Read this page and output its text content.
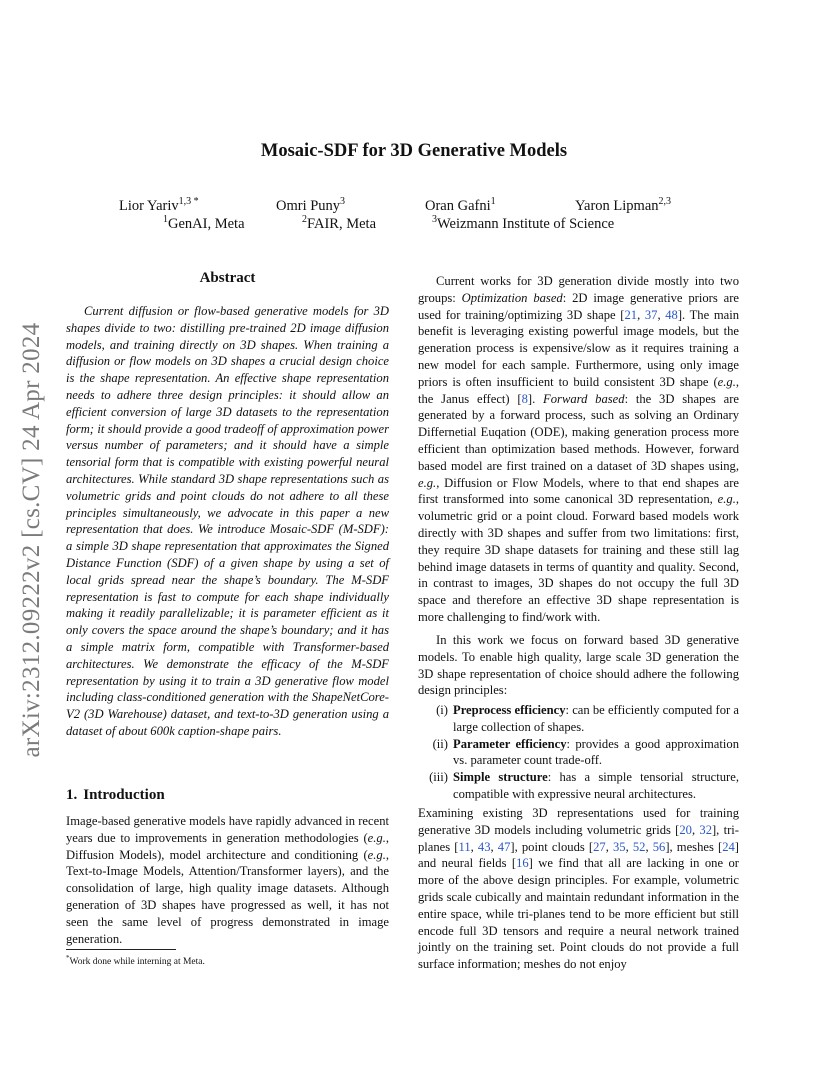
arXiv:2312.09222v2 [cs.CV] 24 Apr 2024
Mosaic-SDF for 3D Generative Models
Lior Yariv$^{1,3 *}$	Omri Puny$^3$	Oran Gafni$^1$	Yaron Lipman$^{2,3}$
$^1$GenAI, Meta	$^2$FAIR, Meta	$^3$Weizmann Institute of Science
Abstract

Current diffusion or flow-based generative models for 3D shapes divide to two: distilling pre-trained 2D image diffusion models, and training directly on 3D shapes. When training a diffusion or flow models on 3D shapes a crucial design choice is the shape representation. An effective shape representation needs to adhere three design principles: it should allow an efficient conversion of large 3D datasets to the representation form; it should provide a good tradeoff of approximation power versus number of parameters; and it should have a simple tensorial form that is compatible with existing powerful neural architectures. While standard 3D shape representations such as volumetric grids and point clouds do not adhere to all these principles simultaneously, we advocate in this paper a new representation that does. We introduce Mosaic-SDF (M-SDF): a simple 3D shape representation that approximates the Signed Distance Function (SDF) of a given shape by using a set of local grids spread near the shape’s boundary. The M-SDF representation is fast to compute for each shape individually making it readily parallelizable; it is parameter efficient as it only covers the space around the shape’s boundary; and it has a simple matrix form, compatible with Transformer-based architectures. We demonstrate the efficacy of the M-SDF representation by using it to train a 3D generative flow model including class-conditioned generation with the ShapeNetCore-V2 (3D Warehouse) dataset, and text-to-3D generation using a dataset of about 600k caption-shape pairs.

1. Introduction

Image-based generative models have rapidly advanced in recent years due to improvements in generation methodologies (e.g., Diffusion Models), model architecture and conditioning (e.g., Text-to-Image Models, Attention/Transformer layers), and the consolidation of large, high quality image datasets. Although generation of 3D shapes have progressed as well, it has not seen the same level of progress demonstrated in image generation.

*Work done while interning at Meta.

Current works for 3D generation divide mostly into two groups: Optimization based: 2D image generative priors are used for training/optimizing 3D shape [21, 37, 48]. The main benefit is leveraging existing powerful image models, but the generation process is expensive/slow as it requires training a new model for each sample. Furthermore, using only image priors is often insufficient to build consistent 3D shape (e.g., the Janus effect) [8]. Forward based: the 3D shapes are generated by a forward process, such as solving an Ordinary Differnetial Euqation (ODE), making generation process more efficient than optimization based methods. However, forward based model are first trained on a dataset of 3D shapes using, e.g., Diffusion or Flow Models, where to that end shapes are first transformed into some canonical 3D representation, e.g., volumetric grid or a point cloud. Forward based models work directly with 3D shapes and suffer from two limitations: first, they require 3D shape datasets for training and these still lag behind image datasets in terms of quantity and quality. Second, in contrast to images, 3D shapes do not occupy the full 3D space and therefore an effective 3D shape representation is more challenging to find/work with.

In this work we focus on forward based 3D generative models. To enable high quality, large scale 3D generation the 3D shape representation of choice should adhere the following design principles:

(i) Preprocess efficiency: can be efficiently computed for a large collection of shapes.
(ii) Parameter efficiency: provides a good approximation vs. parameter count trade-off.
(iii) Simple structure: has a simple tensorial structure, compatible with expressive neural architectures.

Examining existing 3D representations used for training generative 3D models including volumetric grids [20, 32], tri-planes [11, 43, 47], point clouds [27, 35, 52, 56], meshes [24] and neural fields [16] we find that all are lacking in one or more of the above design principles. For example, volumetric grids scale cubically and maintain redundant information in the entire space, while tri-planes tend to be more efficient but still encode full 3D tensors and require a neural network trained jointly on the training set. Point clouds do not provide a full surface information; meshes do not enjoy
